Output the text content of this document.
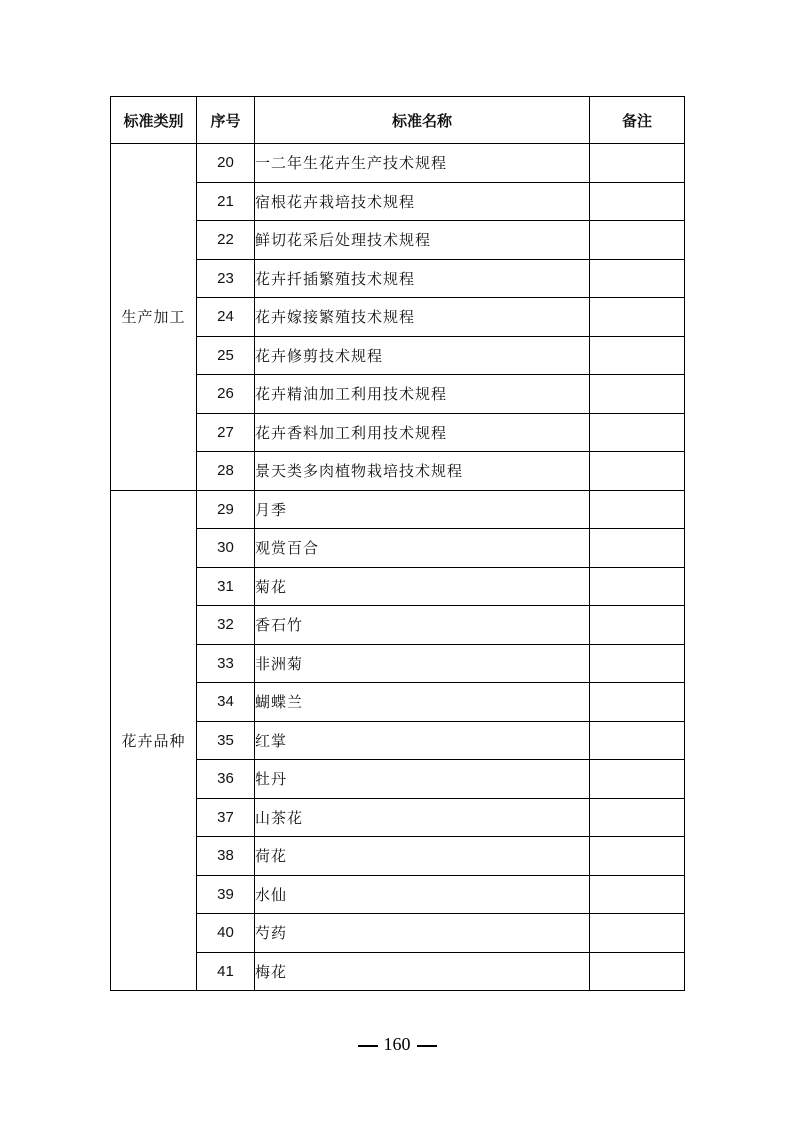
标准类别	序号	标准名称	备注
生产加工	20	一二年生花卉生产技术规程	
	21	宿根花卉栽培技术规程	
	22	鲜切花采后处理技术规程	
	23	花卉扦插繁殖技术规程	
	24	花卉嫁接繁殖技术规程	
	25	花卉修剪技术规程	
	26	花卉精油加工利用技术规程	
	27	花卉香料加工利用技术规程	
	28	景天类多肉植物栽培技术规程	
花卉品种	29	月季	
	30	观赏百合	
	31	菊花	
	32	香石竹	
	33	非洲菊	
	34	蝴蝶兰	
	35	红掌	
	36	牡丹	
	37	山茶花	
	38	荷花	
	39	水仙	
	40	芍药	
	41	梅花	
160
